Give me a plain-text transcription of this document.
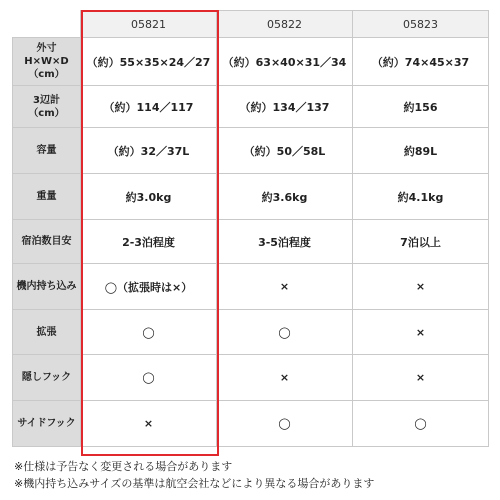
	05821	05822	05823
外寸
H×W×D
（cm）	（約）55×35×24／27	（約）63×40×31／34	（約）74×45×37
3辺計
（cm）	（約）114／117	（約）134／137	約156
容量	（約）32／37L	（約）50／58L	約89L
重量	約3.0kg	約3.6kg	約4.1kg
宿泊数目安	2-3泊程度	3-5泊程度	7泊以上
機内持ち込み	◯（拡張時は×）	×	×
拡張	◯	◯	×
隠しフック	◯	×	×
サイドフック	×	◯	◯
※仕様は予告なく変更される場合があります
※機内持ち込みサイズの基準は航空会社などにより異なる場合があります
